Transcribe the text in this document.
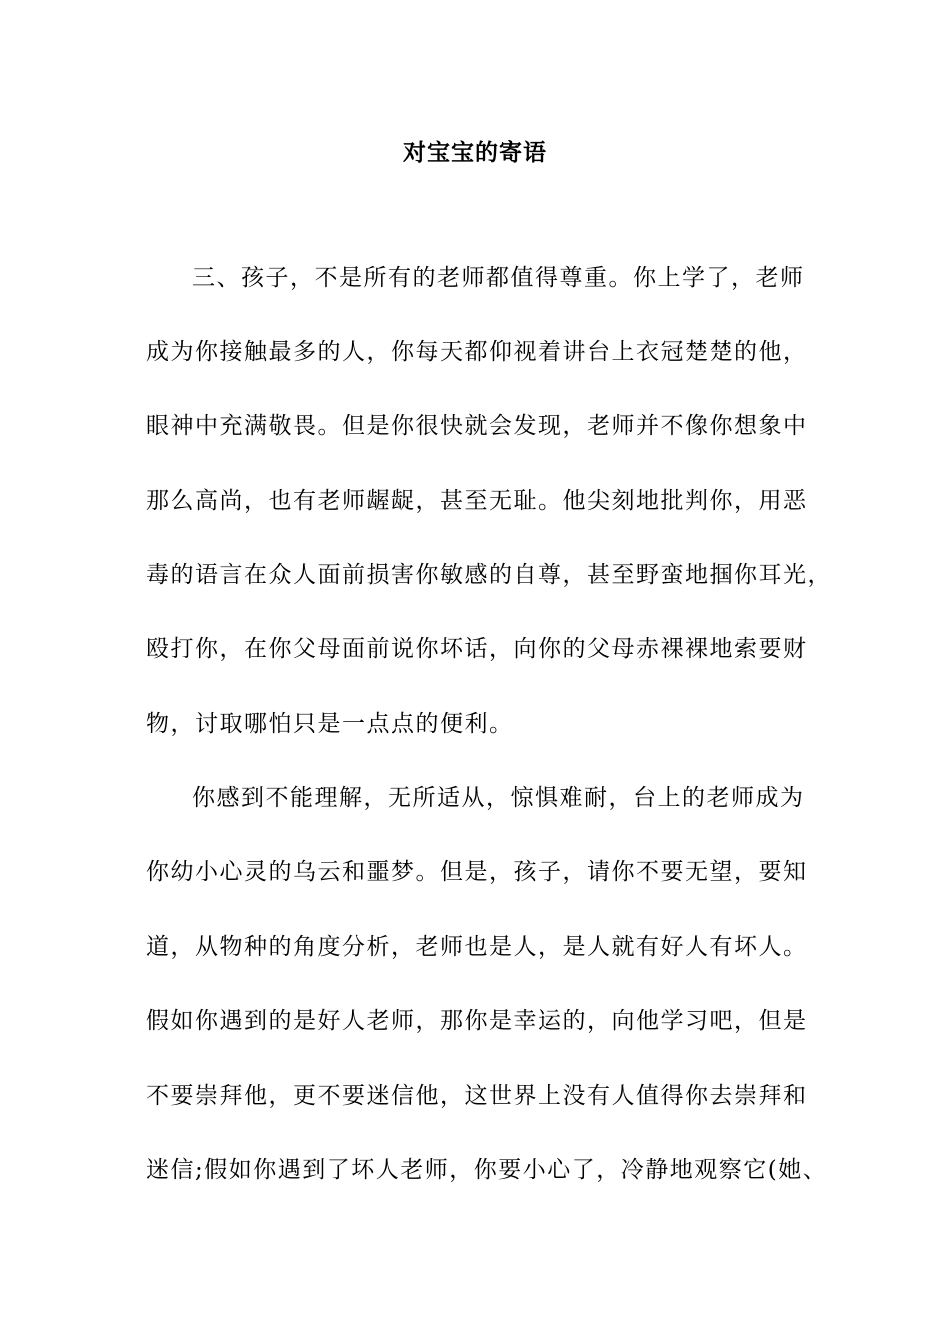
对宝宝的寄语
三、孩子，不是所有的老师都值得尊重。你上学了，老师
成为你接触最多的人，你每天都仰视着讲台上衣冠楚楚的他，
眼神中充满敬畏。但是你很快就会发现，老师并不像你想象中
那么高尚，也有老师龌龊，甚至无耻。他尖刻地批判你，用恶
毒的语言在众人面前损害你敏感的自尊，甚至野蛮地掴你耳光，
殴打你，在你父母面前说你坏话，向你的父母赤裸裸地索要财
物，讨取哪怕只是一点点的便利。
你感到不能理解，无所适从，惊惧难耐，台上的老师成为
你幼小心灵的乌云和噩梦。但是，孩子，请你不要无望，要知
道，从物种的角度分析，老师也是人，是人就有好人有坏人。
假如你遇到的是好人老师，那你是幸运的，向他学习吧，但是
不要崇拜他，更不要迷信他，这世界上没有人值得你去崇拜和
迷信;假如你遇到了坏人老师，你要小心了，冷静地观察它(她、
